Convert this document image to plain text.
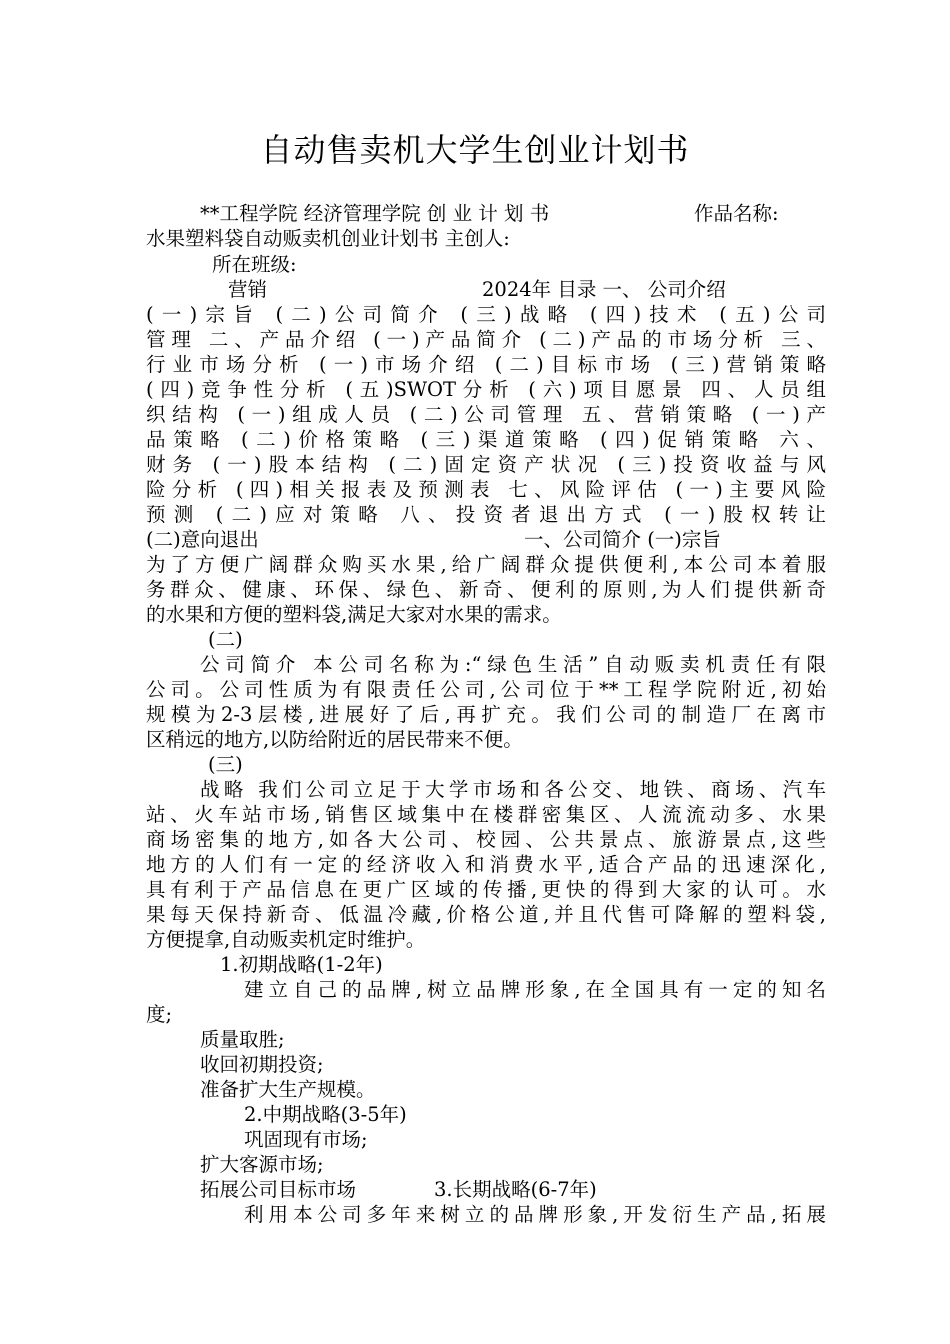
自动售卖机大学生创业计划书
**工程学院 经济管理学院 创 业 计 划 书	作品名称:
水果塑料袋自动贩卖机创业计划书 主创人:
所在班级:
营销	2024年 目录 一、 公司介绍
(一)宗旨 (二)公司简介 (三)战略 (四)技术 (五)公司
管理 二、产品介绍 (一)产品简介 (二)产品的市场分析 三、
行业市场分析 (一)市场介绍 (二)目标市场 (三)营销策略
(四)竞争性分析 (五)SWOT分析 (六)项目愿景 四、人员组
织结构 (一)组成人员 (二)公司管理 五、营销策略 (一)产
品策略 (二)价格策略 (三)渠道策略 (四)促销策略 六、
财务 (一)股本结构 (二)固定资产状况 (三)投资收益与风
险分析 (四)相关报表及预测表 七、风险评估 (一)主要风险
预测 (二)应对策略 八、投资者退出方式 (一)股权转让
(二)意向退出	一、公司简介 (一)宗旨
为了方便广阔群众购买水果,给广阔群众提供便利,本公司本着服
务群众、健康、环保、绿色、新奇、便利的原则,为人们提供新奇
的水果和方便的塑料袋,满足大家对水果的需求。
(二)
公司简介 本公司名称为:“绿色生活”自动贩卖机责任有限
公司。公司性质为有限责任公司,公司位于**工程学院附近,初始
规模为2-3层楼,进展好了后,再扩充。我们公司的制造厂在离市
区稍远的地方,以防给附近的居民带来不便。
(三)
战略 我们公司立足于大学市场和各公交、地铁、商场、汽车
站、火车站市场,销售区域集中在楼群密集区、人流流动多、水果
商场密集的地方,如各大公司、校园、公共景点、旅游景点,这些
地方的人们有一定的经济收入和消费水平,适合产品的迅速深化,
具有利于产品信息在更广区域的传播,更快的得到大家的认可。水
果每天保持新奇、低温冷藏,价格公道,并且代售可降解的塑料袋,
方便提拿,自动贩卖机定时维护。
1.初期战略(1-2年)
建立自己的品牌,树立品牌形象,在全国具有一定的知名
度;
质量取胜;
收回初期投资;
准备扩大生产规模。
2.中期战略(3-5年)
巩固现有市场;
扩大客源市场;
拓展公司目标市场	3.长期战略(6-7年)
利用本公司多年来树立的品牌形象,开发衍生产品,拓展
